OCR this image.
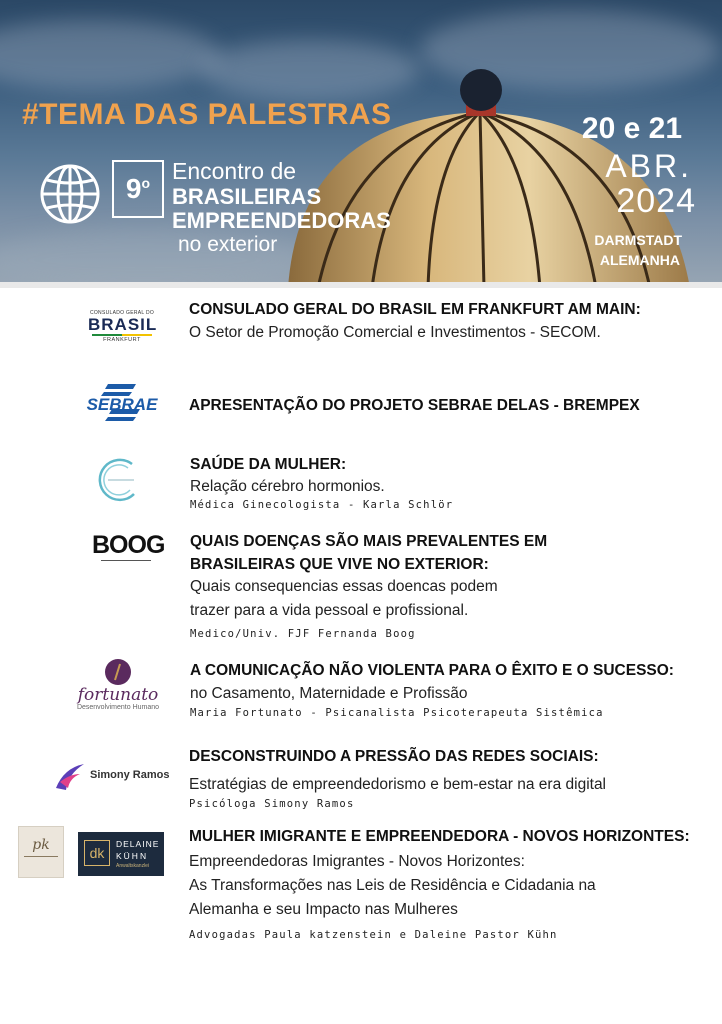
#TEMA DAS PALESTRAS
9$^o$ Encontro de
BRASILEIRAS
EMPREENDEDORAS
no exterior
20 e 21
ABR.
2024
DARMSTADT
ALEMANHA
CONSULADO GERAL DO
BRASIL
FRANKFURT
SEBRAE
BOOG
fortunato
Desenvolvimento Humano
Simony Ramos
pk	dk
DELAINE
KÜHN
Anwaltskanzlei
CONSULADO GERAL DO BRASIL EM FRANKFURT AM MAIN:
O Setor de Promoção Comercial e Investimentos - SECOM.
APRESENTAÇÃO DO PROJETO SEBRAE DELAS - BREMPEX
SAÚDE DA MULHER:
Relação cérebro hormonios.
Médica Ginecologista - Karla Schlör
QUAIS DOENÇAS SÃO MAIS PREVALENTES EM
BRASILEIRAS QUE VIVE NO EXTERIOR:
Quais consequencias essas doencas podem
trazer para a vida pessoal e profissional.
Medico/Univ. FJF Fernanda Boog
A COMUNICAÇÃO NÃO VIOLENTA PARA O ÊXITO E O SUCESSO:
no Casamento, Maternidade e Profissão
Maria Fortunato - Psicanalista Psicoterapeuta Sistêmica
DESCONSTRUINDO A PRESSÃO DAS REDES SOCIAIS:
Estratégias de empreendedorismo e bem-estar na era digital
Psicóloga Simony Ramos
MULHER IMIGRANTE E EMPREENDEDORA - NOVOS HORIZONTES:
Empreendedoras Imigrantes - Novos Horizontes:
As Transformações nas Leis de Residência e Cidadania na
Alemanha e seu Impacto nas Mulheres
Advogadas Paula katzenstein e Daleine Pastor Kühn
